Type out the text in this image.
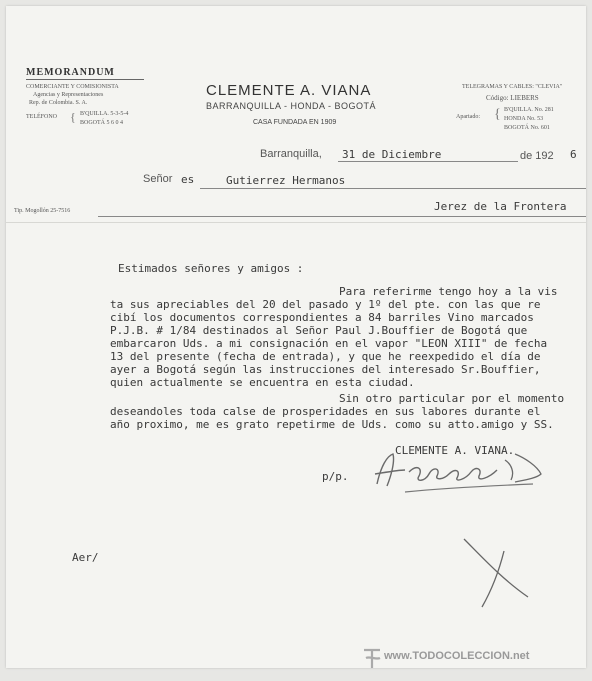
MEMORANDUM
COMERCIANTE Y COMISIONISTA
Agencias y Representaciones
Rep. de Colombia. S. A.
TELÉFONO { B'QUILLA. 5-3-5-4
BOGOTÁ 5 6 0 4
CLEMENTE A. VIANA
BARRANQUILLA - HONDA - BOGOTÁ
CASA FUNDADA EN 1909
TELEGRAMAS Y CABLES: "CLEVIA"
Código: LIEBERS
Apartado: { B'QUILLA. No. 281
HONDA No. 53
BOGOTÁ No. 601
Barranquilla, 31 de Diciembre	de 192 6
Señor es	Gutierrez Hermanos
Tip. Mogollón 25-7516	Jerez de la Frontera
Estimados señores y amigos :
Para referirme tengo hoy a la vis
ta sus apreciables del 20 del pasado y 1º del pte. con las que re
cibí los documentos correspondientes a 84 barriles Vino marcados
P.J.B. # 1/84 destinados al Señor Paul J.Bouffier de Bogotá que
embarcaron Uds. a mi consignación en el vapor "LEON XIII" de fecha
13 del presente (fecha de entrada), y que he reexpedido el día de
ayer a Bogotá según las instrucciones del interesado Sr.Bouffier,
quien actualmente se encuentra en esta ciudad.
Sin otro particular por el momento
deseandoles toda calse de prosperidades en sus labores durante el
año proximo, me es grato repetirme de Uds. como su atto.amigo y SS.
CLEMENTE A. VIANA.
p/p.
Aer/
www.TODOCOLECCION.net
